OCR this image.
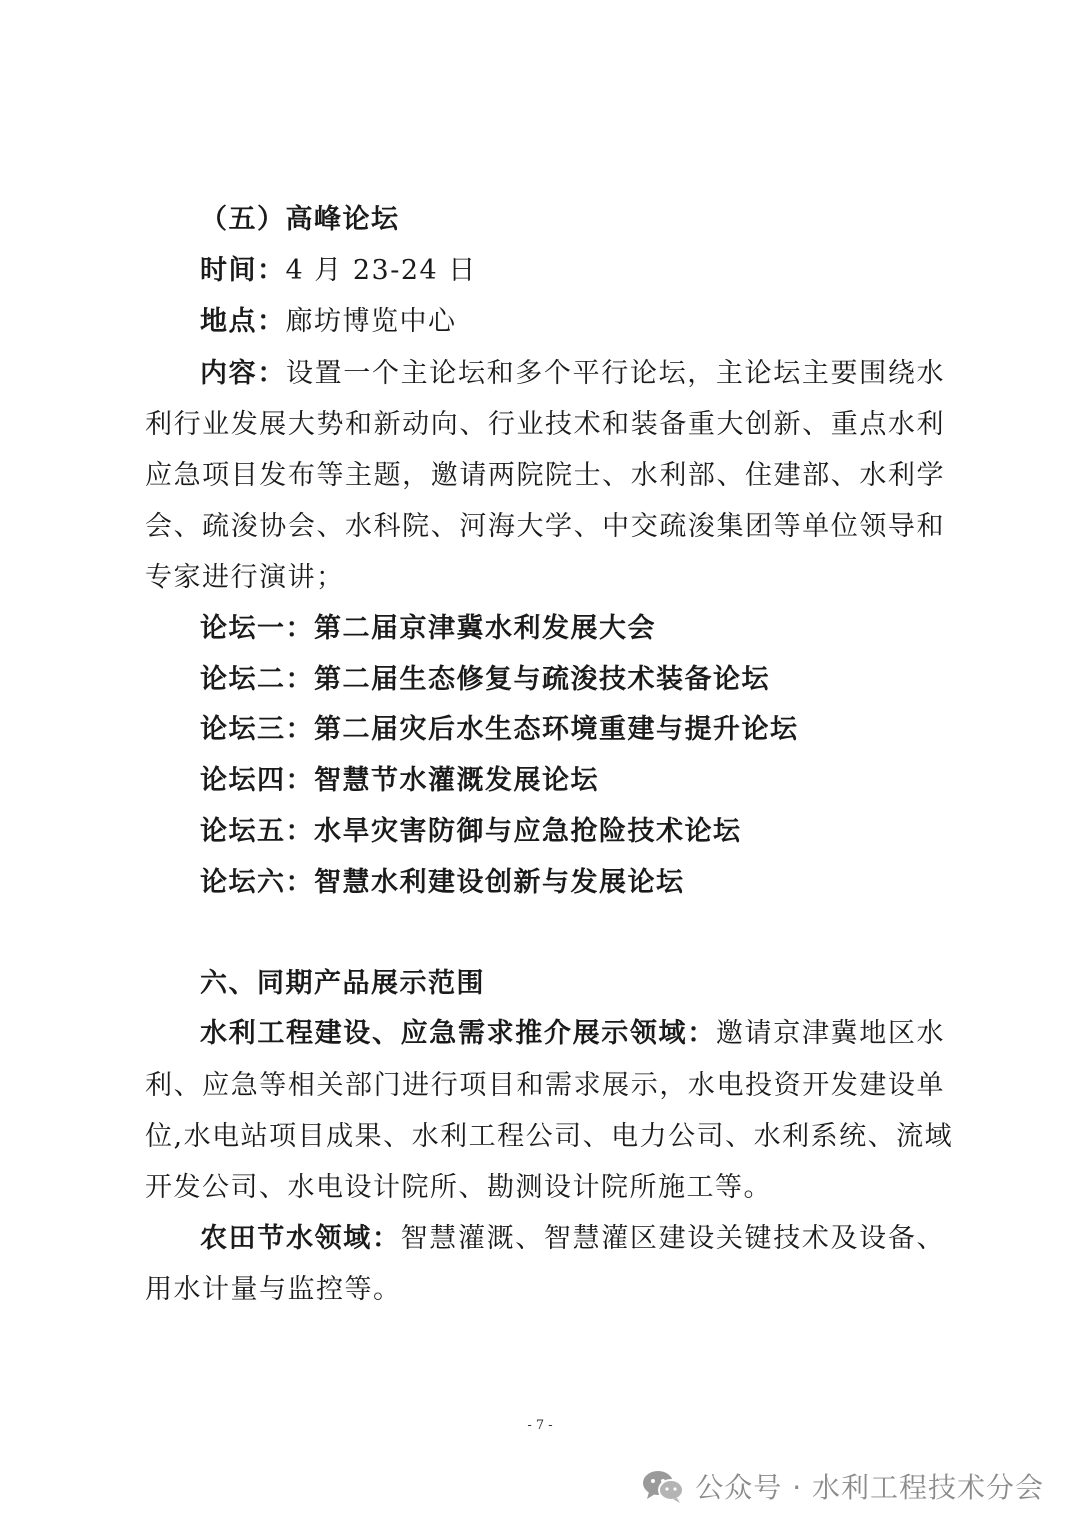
（五）高峰论坛
时间：4 月 23-24 日
地点：廊坊博览中心
内容：设置一个主论坛和多个平行论坛，主论坛主要围绕水
利行业发展大势和新动向、行业技术和装备重大创新、重点水利
应急项目发布等主题，邀请两院院士、水利部、住建部、水利学
会、疏浚协会、水科院、河海大学、中交疏浚集团等单位领导和
专家进行演讲；
论坛一：第二届京津冀水利发展大会
论坛二：第二届生态修复与疏浚技术装备论坛
论坛三：第二届灾后水生态环境重建与提升论坛
论坛四：智慧节水灌溉发展论坛
论坛五：水旱灾害防御与应急抢险技术论坛
论坛六：智慧水利建设创新与发展论坛
六、同期产品展示范围
水利工程建设、应急需求推介展示领域：邀请京津冀地区水
利、应急等相关部门进行项目和需求展示，水电投资开发建设单
位,水电站项目成果、水利工程公司、电力公司、水利系统、流域
开发公司、水电设计院所、勘测设计院所施工等。
农田节水领域：智慧灌溉、智慧灌区建设关键技术及设备、
用水计量与监控等。
- 7 -
公众号 · 水利工程技术分会
